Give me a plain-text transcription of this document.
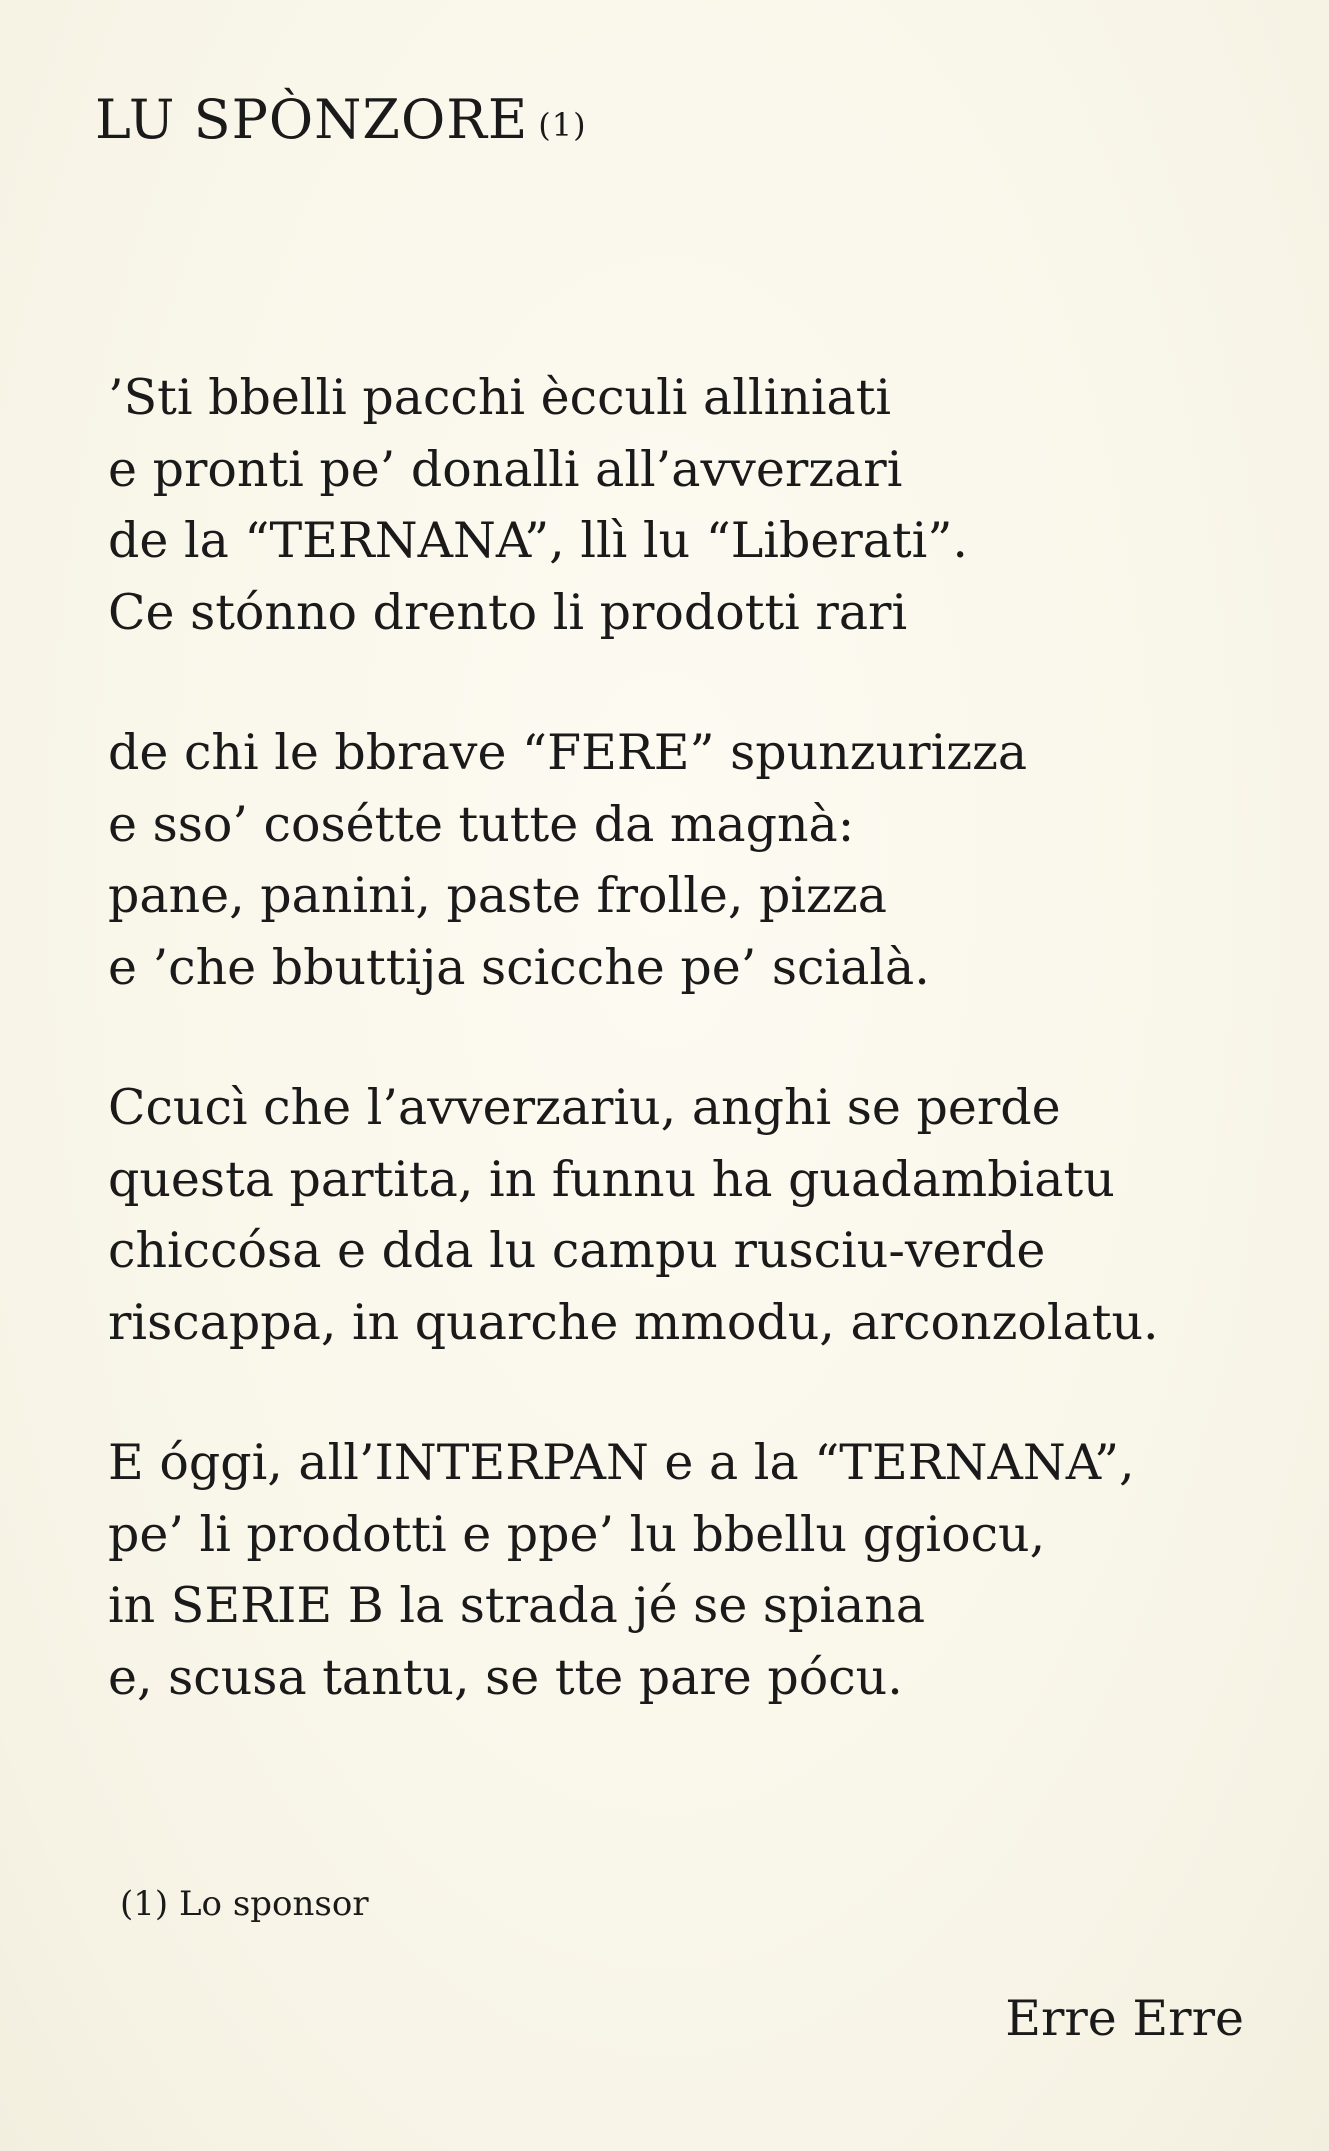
LU SPÒNZORE (1)
’Sti bbelli pacchi ècculi alliniati
e pronti pe’ donalli all’avverzari
de la “TERNANA”, llì lu “Liberati”.
Ce stónno drento li prodotti rari
de chi le bbrave “FERE” spunzurizza
e sso’ cosétte tutte da magnà:
pane, panini, paste frolle, pizza
e ’che bbuttija scicche pe’ scialà.
Ccucì che l’avverzariu, anghi se perde
questa partita, in funnu ha guadambiatu
chiccósa e dda lu campu rusciu-verde
riscappa, in quarche mmodu, arconzolatu.
E óggi, all’INTERPAN e a la “TERNANA”,
pe’ li prodotti e ppe’ lu bbellu ggiocu,
in SERIE B la strada jé se spiana
e, scusa tantu, se tte pare pócu.
(1) Lo sponsor
Erre Erre
